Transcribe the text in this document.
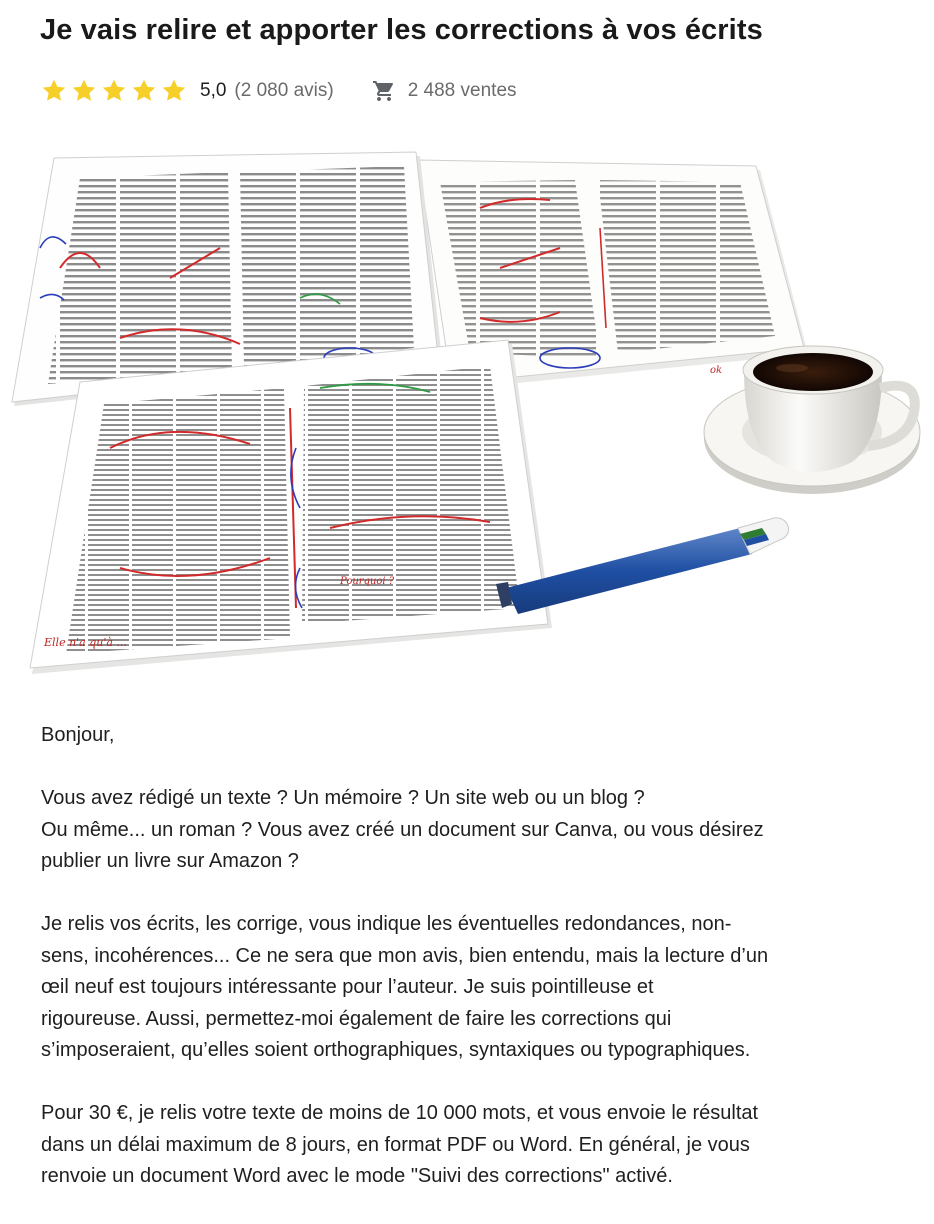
Je vais relire et apporter les corrections à vos écrits
5,0 (2 080 avis)	2 488 ventes
ok
Elle n'a qu'à ...
Pourquoi ?

Bonjour,

Vous avez rédigé un texte ? Un mémoire ? Un site web ou un blog ?
Ou même... un roman ? Vous avez créé un document sur Canva, ou vous désirez
publier un livre sur Amazon ?

Je relis vos écrits, les corrige, vous indique les éventuelles redondances, non-
sens, incohérences... Ce ne sera que mon avis, bien entendu, mais la lecture d’un
œil neuf est toujours intéressante pour l’auteur. Je suis pointilleuse et
rigoureuse. Aussi, permettez-moi également de faire les corrections qui
s’imposeraient, qu’elles soient orthographiques, syntaxiques ou typographiques.

Pour 30 €, je relis votre texte de moins de 10 000 mots, et vous envoie le résultat
dans un délai maximum de 8 jours, en format PDF ou Word. En général, je vous
renvoie un document Word avec le mode "Suivi des corrections" activé.
